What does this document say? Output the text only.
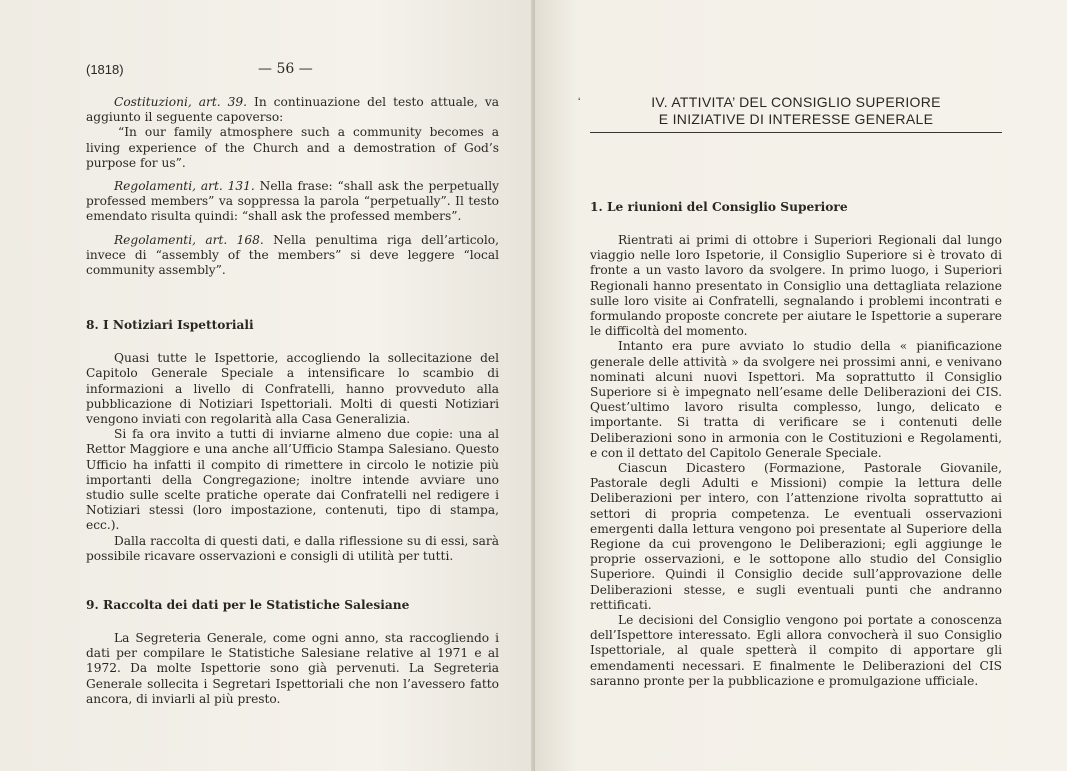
(1818)	— 56 —

Costituzioni, art. 39. In continuazione del testo attuale, va aggiunto il seguente capoverso:

“In our family atmosphere such a community becomes a living experience of the Church and a demostration of God’s purpose for us”.

Regolamenti, art. 131. Nella frase: “shall ask the perpetually professed members” va soppressa la parola “perpetually”. Il testo emendato risulta quindi: “shall ask the professed members”.

Regolamenti, art. 168. Nella penultima riga dell’articolo, invece di “assembly of the members” si deve leggere “local community assembly”.

8. I Notiziari Ispettoriali

Quasi tutte le Ispettorie, accogliendo la sollecitazione del Capitolo Generale Speciale a intensificare lo scambio di informazioni a livello di Confratelli, hanno provveduto alla pubblicazione di Notiziari Ispettoriali. Molti di questi Notiziari vengono inviati con regolarità alla Casa Generalizia.

Si fa ora invito a tutti di inviarne almeno due copie: una al Rettor Maggiore e una anche all’Ufficio Stampa Salesiano. Questo Ufficio ha infatti il compito di rimettere in circolo le notizie più importanti della Congregazione; inoltre intende avviare uno studio sulle scelte pratiche operate dai Confratelli nel redigere i Notiziari stessi (loro impostazione, contenuti, tipo di stampa, ecc.).

Dalla raccolta di questi dati, e dalla riflessione su di essi, sarà possibile ricavare osservazioni e consigli di utilità per tutti.

9. Raccolta dei dati per le Statistiche Salesiane

La Segreteria Generale, come ogni anno, sta raccogliendo i dati per compilare le Statistiche Salesiane relative al 1971 e al 1972. Da molte Ispettorie sono già pervenuti. La Segreteria Generale sollecita i Segretari Ispettoriali che non l’avessero fatto ancora, di inviarli al più presto.

‘	IV. ATTIVITA’ DEL CONSIGLIO SUPERIORE
E INIZIATIVE DI INTERESSE GENERALE
1. Le riunioni del Consiglio Superiore

Rientrati ai primi di ottobre i Superiori Regionali dal lungo viaggio nelle loro Ispetorie, il Consiglio Superiore si è trovato di fronte a un vasto lavoro da svolgere. In primo luogo, i Superiori Regionali hanno presentato in Consiglio una dettagliata relazione sulle loro visite ai Confratelli, segnalando i problemi incontrati e formulando proposte concrete per aiutare le Ispettorie a superare le difficoltà del momento.

Intanto era pure avviato lo studio della « pianificazione generale delle attività » da svolgere nei prossimi anni, e venivano nominati alcuni nuovi Ispettori. Ma soprattutto il Consiglio Superiore si è impegnato nell’esame delle Deliberazioni dei CIS. Quest’ultimo lavoro risulta complesso, lungo, delicato e importante. Si tratta di verificare se i contenuti delle Deliberazioni sono in armonia con le Costituzioni e Regolamenti, e con il dettato del Capitolo Generale Speciale.

Ciascun Dicastero (Formazione, Pastorale Giovanile, Pastorale degli Adulti e Missioni) compie la lettura delle Deliberazioni per intero, con l’attenzione rivolta soprattutto ai settori di propria competenza. Le eventuali osservazioni emergenti dalla lettura vengono poi presentate al Superiore della Regione da cui provengono le Deliberazioni; egli aggiunge le proprie osservazioni, e le sottopone allo studio del Consiglio Superiore. Quindi il Consiglio decide sull’approvazione delle Deliberazioni stesse, e sugli eventuali punti che andranno rettificati.

Le decisioni del Consiglio vengono poi portate a conoscenza dell’Ispettore interessato. Egli allora convocherà il suo Consiglio Ispettoriale, al quale spetterà il compito di apportare gli emendamenti necessari. E finalmente le Deliberazioni del CIS saranno pronte per la pubblicazione e promulgazione ufficiale.
